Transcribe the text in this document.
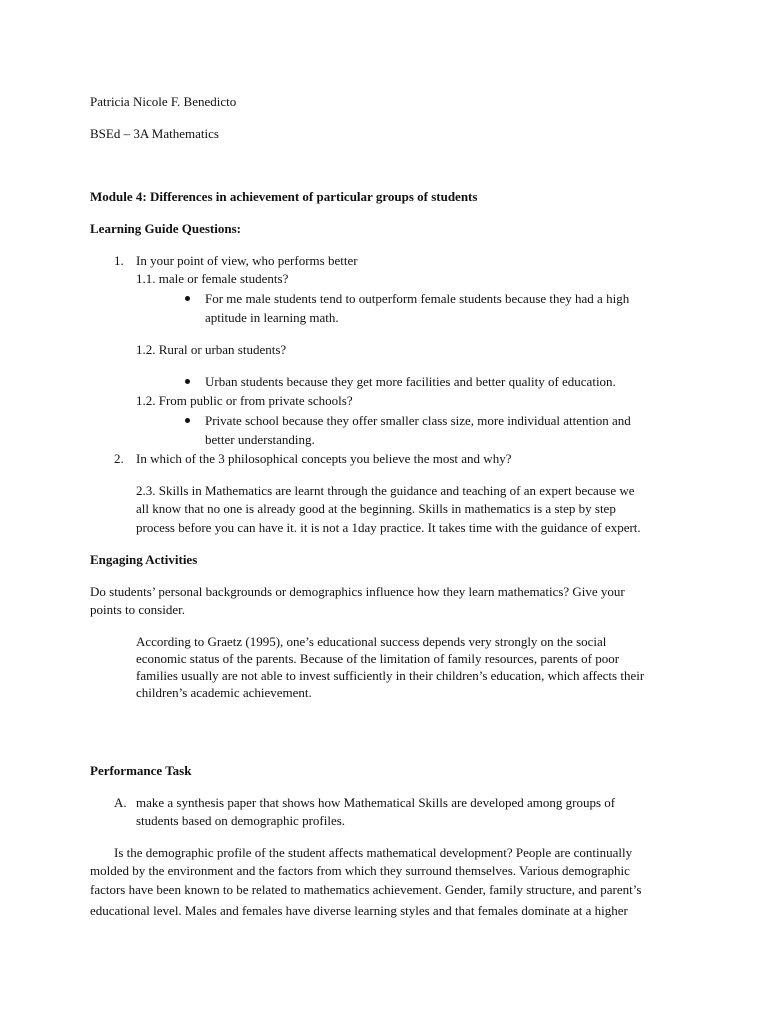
Patricia Nicole F. Benedicto
BSEd – 3A Mathematics
Module 4: Differences in achievement of particular groups of students
Learning Guide Questions:
1. In your point of view, who performs better
1.1. male or female students?
For me male students tend to outperform female students because they had a high
aptitude in learning math.
1.2. Rural or urban students?
Urban students because they get more facilities and better quality of education.
1.2. From public or from private schools?
Private school because they offer smaller class size, more individual attention and
better understanding.
2. In which of the 3 philosophical concepts you believe the most and why?
2.3. Skills in Mathematics are learnt through the guidance and teaching of an expert because we
all know that no one is already good at the beginning. Skills in mathematics is a step by step
process before you can have it. it is not a 1day practice. It takes time with the guidance of expert.
Engaging Activities
Do students’ personal backgrounds or demographics influence how they learn mathematics? Give your
points to consider.
According to Graetz (1995), one’s educational success depends very strongly on the social
economic status of the parents. Because of the limitation of family resources, parents of poor
families usually are not able to invest sufficiently in their children’s education, which affects their
children’s academic achievement.
Performance Task
A. make a synthesis paper that shows how Mathematical Skills are developed among groups of
students based on demographic profiles.
Is the demographic profile of the student affects mathematical development? People are continually
molded by the environment and the factors from which they surround themselves. Various demographic
factors have been known to be related to mathematics achievement. Gender, family structure, and parent’s
educational level. Males and females have diverse learning styles and that females dominate at a higher
